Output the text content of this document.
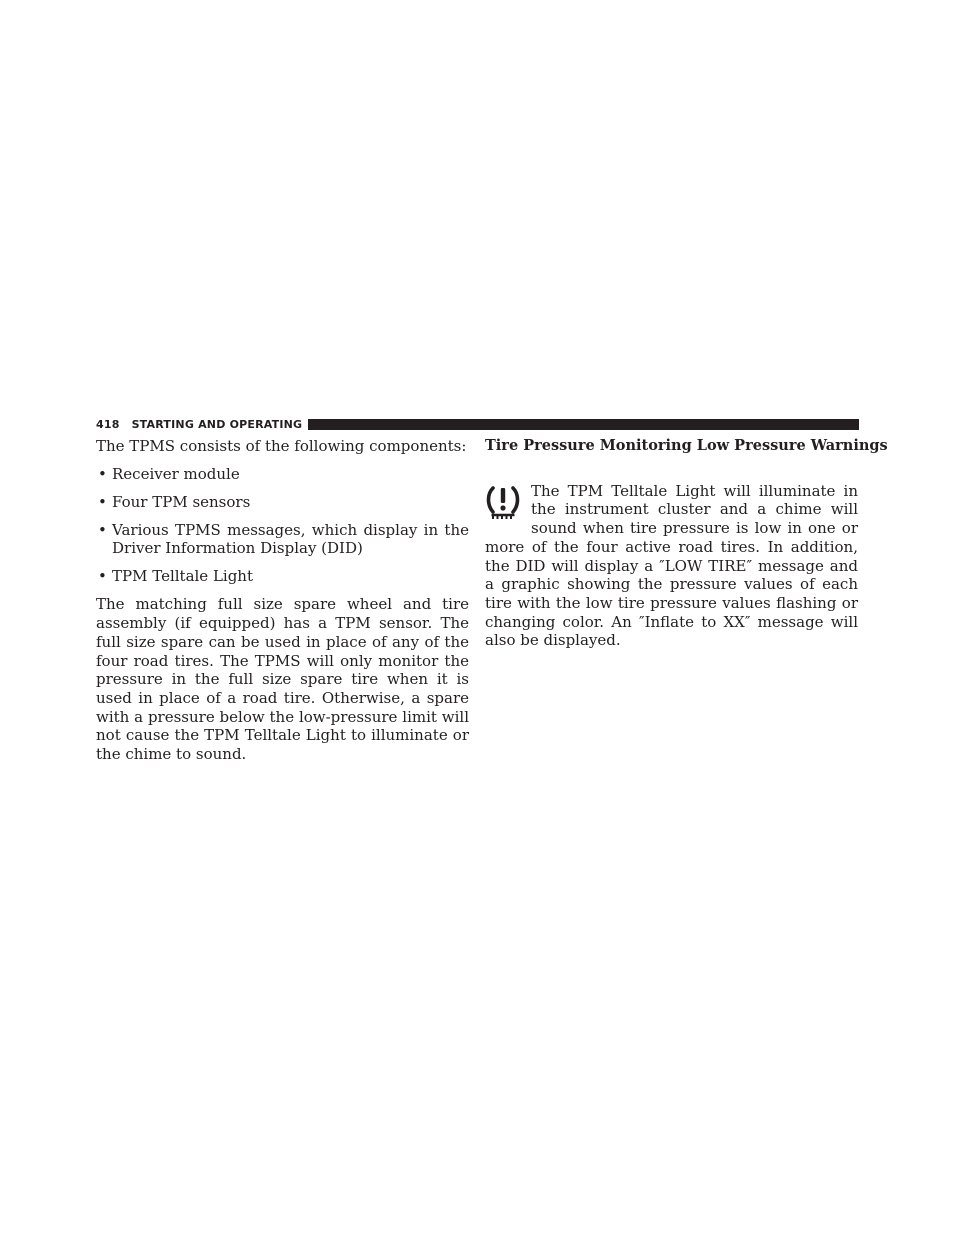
418 STARTING AND OPERATING

The TPMS consists of the following components:

• Receiver module
• Four TPM sensors
• Various TPMS messages, which display in the Driver Information Display (DID)
• TPM Telltale Light

The matching full size spare wheel and tire assembly (if equipped) has a TPM sensor. The full size spare can be used in place of any of the four road tires. The TPMS will only monitor the pressure in the full size spare tire when it is used in place of a road tire. Otherwise, a spare with a pressure below the low-pressure limit will not cause the TPM Telltale Light to illuminate or the chime to sound.

Tire Pressure Monitoring Low Pressure Warnings

The TPM Telltale Light will illuminate in the instrument cluster and a chime will sound when tire pressure is low in one or more of the four active road tires. In addition, the DID will display a ″LOW TIRE″ message and a graphic showing the pressure values of each tire with the low tire pressure values flashing or changing color. An ″Inflate to XX″ message will also be displayed.
